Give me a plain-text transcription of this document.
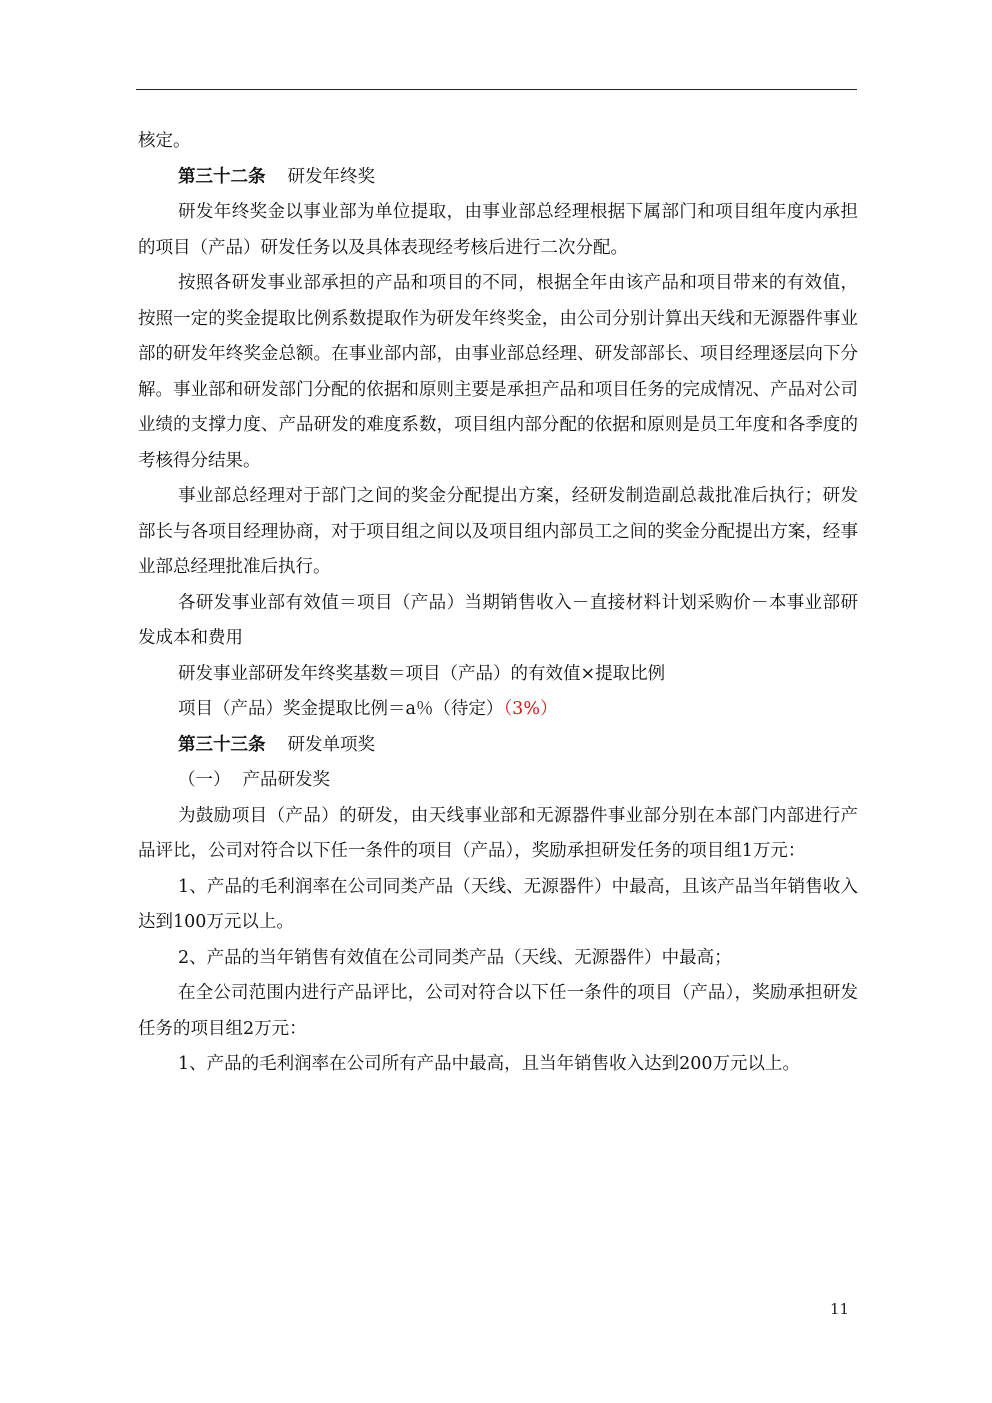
核定。

第三十二条 研发年终奖

研发年终奖金以事业部为单位提取，由事业部总经理根据下属部门和项目组年度内承担的项目（产品）研发任务以及具体表现经考核后进行二次分配。

按照各研发事业部承担的产品和项目的不同，根据全年由该产品和项目带来的有效值，按照一定的奖金提取比例系数提取作为研发年终奖金，由公司分别计算出天线和无源器件事业部的研发年终奖金总额。在事业部内部，由事业部总经理、研发部部长、项目经理逐层向下分解。事业部和研发部门分配的依据和原则主要是承担产品和项目任务的完成情况、产品对公司业绩的支撑力度、产品研发的难度系数，项目组内部分配的依据和原则是员工年度和各季度的考核得分结果。

事业部总经理对于部门之间的奖金分配提出方案，经研发制造副总裁批准后执行；研发部长与各项目经理协商，对于项目组之间以及项目组内部员工之间的奖金分配提出方案，经事业部总经理批准后执行。

各研发事业部有效值＝项目（产品）当期销售收入－直接材料计划采购价－本事业部研发成本和费用

研发事业部研发年终奖基数＝项目（产品）的有效值×提取比例

项目（产品）奖金提取比例＝a％（待定）（3%）

第三十三条 研发单项奖

（一） 产品研发奖

为鼓励项目（产品）的研发，由天线事业部和无源器件事业部分别在本部门内部进行产品评比，公司对符合以下任一条件的项目（产品），奖励承担研发任务的项目组1万元：

1、产品的毛利润率在公司同类产品（天线、无源器件）中最高，且该产品当年销售收入达到100万元以上。

2、产品的当年销售有效值在公司同类产品（天线、无源器件）中最高；

在全公司范围内进行产品评比，公司对符合以下任一条件的项目（产品），奖励承担研发任务的项目组2万元：

1、产品的毛利润率在公司所有产品中最高，且当年销售收入达到200万元以上。

11
